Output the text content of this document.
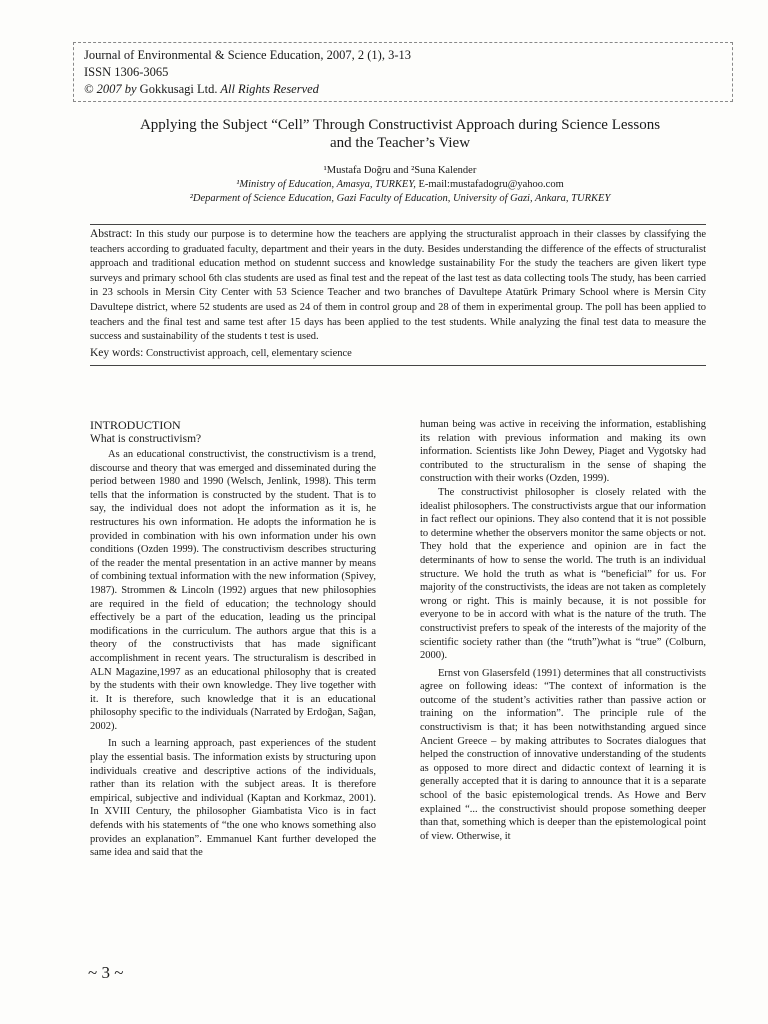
Journal of Environmental & Science Education, 2007, 2 (1), 3-13
ISSN 1306-3065
© 2007 by Gokkusagi Ltd. All Rights Reserved
Applying the Subject “Cell” Through Constructivist Approach during Science Lessons
and the Teacher’s View
¹Mustafa Doğru and ²Suna Kalender
¹Ministry of Education, Amasya, TURKEY, E-mail:mustafadogru@yahoo.com
²Deparment of Science Education, Gazi Faculty of Education, University of Gazi, Ankara, TURKEY
Abstract: In this study our purpose is to determine how the teachers are applying the structuralist approach in their classes by classifying the teachers according to graduated faculty, department and their years in the duty. Besides understanding the difference of the effects of structuralist approach and traditional education method on studennt success and knowledge sustainability For the study the teachers are given likert type surveys and primary school 6th clas students are used as final test and the repeat of the last test as data collecting tools The study, has been carried in 23 schools in Mersin City Center with 53 Science Teacher and two branches of Davultepe Atatürk Primary School where is Mersin City Davultepe district, where 52 students are used as 24 of them in control group and 28 of them in experimental group. The poll has been applied to teachers and the final test and same test after 15 days has been applied to the test students. While analyzing the final test data to measure the success and sustainability of the students t test is used.
Key words: Constructivist approach, cell, elementary science
INTRODUCTION
What is constructivism?

As an educational constructivist, the constructivism is a trend, discourse and theory that was emerged and disseminated during the period between 1980 and 1990 (Welsch, Jenlink, 1998). This term tells that the information is constructed by the student. That is to say, the individual does not adopt the information as it is, he restructures his own information. He adopts the information he is provided in combination with his own information under his own conditions (Ozden 1999). The constructivism describes structuring of the reader the mental presentation in an active manner by means of combining textual information with the new information (Spivey, 1987). Strommen & Lincoln (1992) argues that new philosophies are required in the field of education; the technology should effectively be a part of the education, leading us the principal modifications in the curriculum. The authors argue that this is a theory of the constructivists that has made significant accomplishment in recent years. The structuralism is described in ALN Magazine,1997 as an educational philosophy that is created by the students with their own knowledge. They live together with it. It is therefore, such knowledge that it is an educational philosophy specific to the individuals (Narrated by Erdoğan, Sağan, 2002).

In such a learning approach, past experiences of the student play the essential basis. The information exists by structuring upon individuals creative and descriptive actions of the individuals, rather than its relation with the subject areas. It is therefore empirical, subjective and individual (Kaptan and Korkmaz, 2001). In XVIII Century, the philosopher Giambatista Vico is in fact defends with his statements of “the one who knows something also provides an explanation”. Emmanuel Kant further developed the same idea and said that the

human being was active in receiving the information, establishing its relation with previous information and making its own information. Scientists like John Dewey, Piaget and Vygotsky had contributed to the structuralism in the sense of shaping the construction with their works (Ozden, 1999).

The constructivist philosopher is closely related with the idealist philosophers. The constructivists argue that our information in fact reflect our opinions. They also contend that it is not possible to determine whether the observers monitor the same objects or not. They hold that the experience and opinion are in fact the determinants of how to sense the world. The truth is an individual structure. We hold the truth as what is “beneficial” for us. For majority of the constructivists, the ideas are not taken as completely wrong or right. This is mainly because, it is not possible for everyone to be in accord with what is the nature of the truth. The constructivist prefers to speak of the interests of the majority of the scientific society rather than (the “truth”)what is “true” (Colburn, 2000).

Ernst von Glasersfeld (1991) determines that all constructivists agree on following ideas: “The context of information is the outcome of the student’s activities rather than passive action or training on the information”. The principle rule of the constructivism is that; it has been notwithstanding argued since Ancient Greece – by making attributes to Socrates dialogues that helped the construction of innovative understanding of the students as opposed to more direct and didactic context of learning it is generally accepted that it is daring to announce that it is a separate school of the basic epistemological trends. As Howe and Berv explained “... the constructivist should propose something deeper than that, something which is deeper than the epistemological point of view. Otherwise, it

~ 3 ~
